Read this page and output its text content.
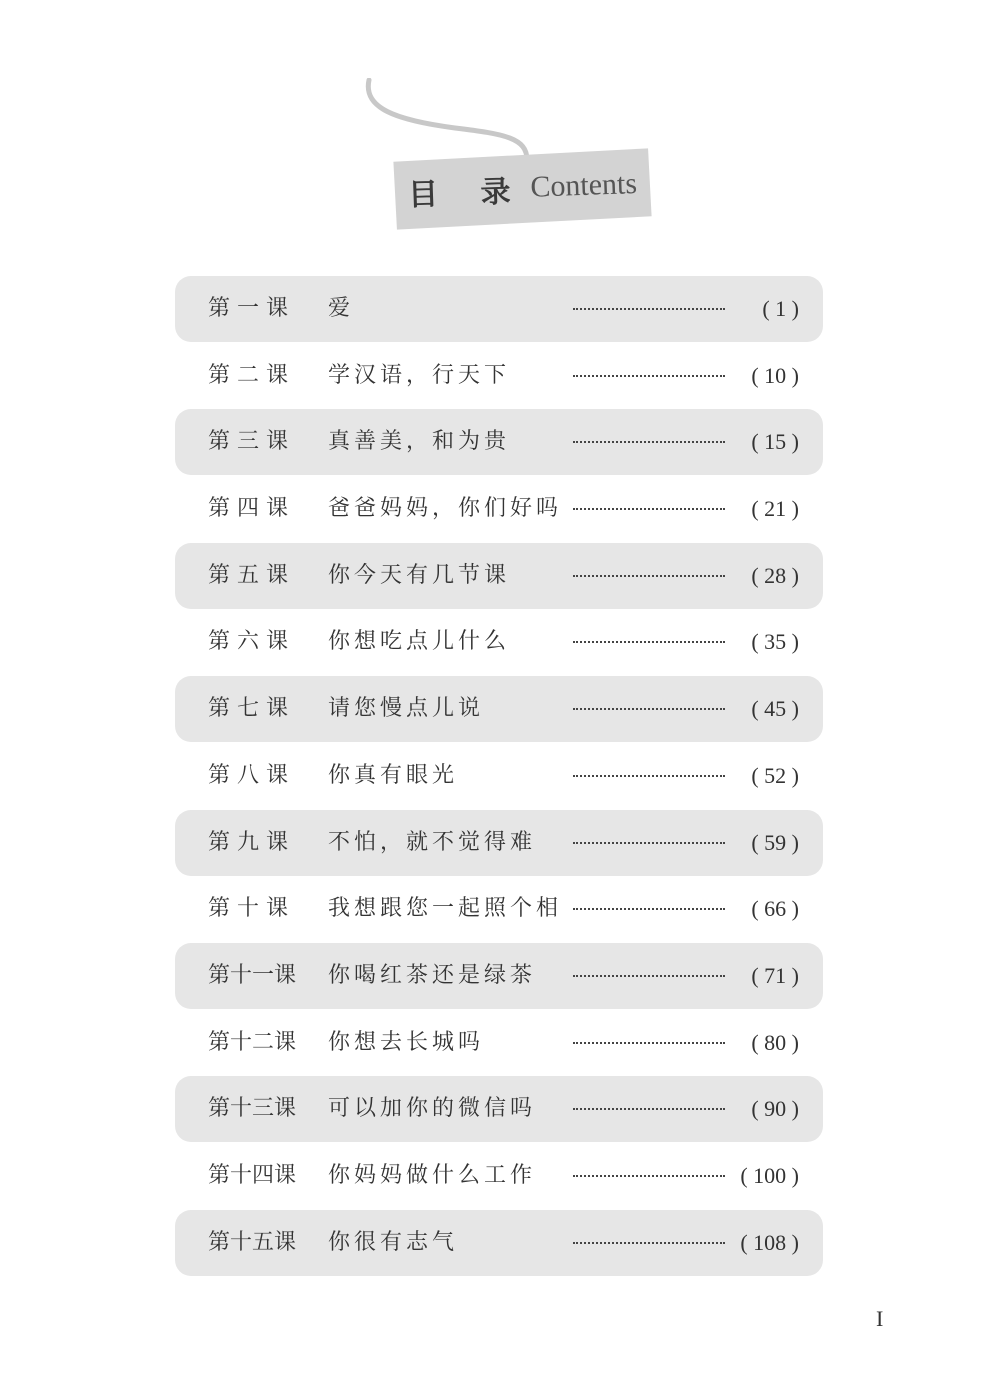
目 录 Contents
第 一 课 爱	( 1 )
第 二 课 学汉语，行天下	( 10 )
第 三 课 真善美，和为贵	( 15 )
第 四 课 爸爸妈妈，你们好吗	( 21 )
第 五 课 你今天有几节课	( 28 )
第 六 课 你想吃点儿什么	( 35 )
第 七 课 请您慢点儿说	( 45 )
第 八 课 你真有眼光	( 52 )
第 九 课 不怕，就不觉得难	( 59 )
第 十 课 我想跟您一起照个相	( 66 )
第十一课 你喝红茶还是绿茶	( 71 )
第十二课 你想去长城吗	( 80 )
第十三课 可以加你的微信吗	( 90 )
第十四课 你妈妈做什么工作	( 100 )
第十五课 你很有志气	( 108 )
I
